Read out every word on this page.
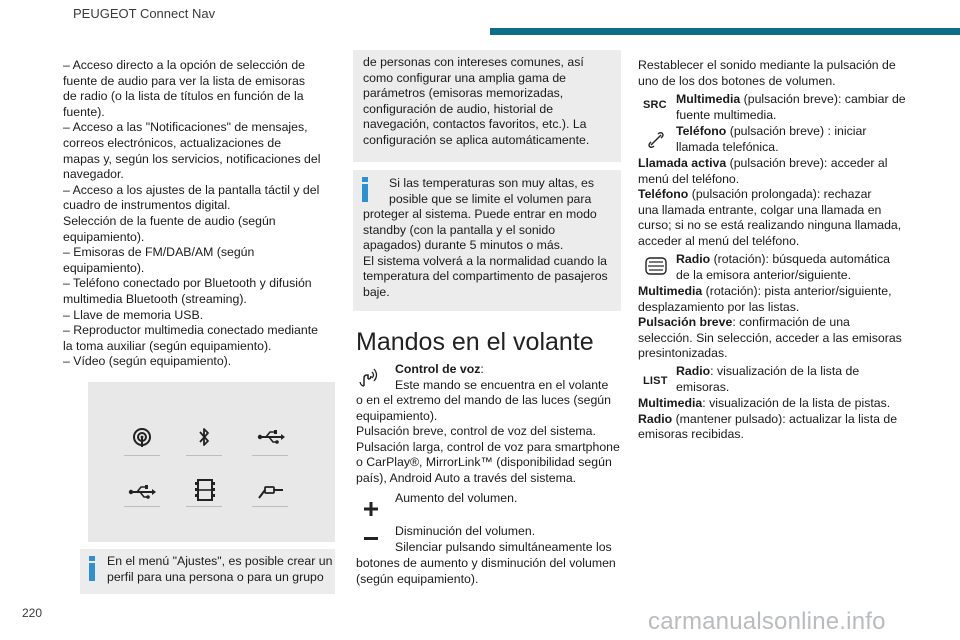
PEUGEOT Connect Nav
– Acceso directo a la opción de selección de
fuente de audio para ver la lista de emisoras
de radio (o la lista de títulos en función de la
fuente).
– Acceso a las "Notificaciones" de mensajes,
correos electrónicos, actualizaciones de
mapas y, según los servicios, notificaciones del
navegador.
– Acceso a los ajustes de la pantalla táctil y del
cuadro de instrumentos digital.
Selección de la fuente de audio (según
equipamiento).
– Emisoras de FM/DAB/AM (según
equipamiento).
– Teléfono conectado por Bluetooth y difusión
multimedia Bluetooth (streaming).
– Llave de memoria USB.
– Reproductor multimedia conectado mediante
la toma auxiliar (según equipamiento).
– Vídeo (según equipamiento).
En el menú "Ajustes", es posible crear un
perfil para una persona o para un grupo
de personas con intereses comunes, así
como configurar una amplia gama de
parámetros (emisoras memorizadas,
configuración de audio, historial de
navegación, contactos favoritos, etc.). La
configuración se aplica automáticamente.
Si las temperaturas son muy altas, es
posible que se limite el volumen para
proteger al sistema. Puede entrar en modo
standby (con la pantalla y el sonido
apagados) durante 5 minutos o más.
El sistema volverá a la normalidad cuando la
temperatura del compartimento de pasajeros
baje.
Mandos en el volante
Control de voz:
Este mando se encuentra en el volante
o en el extremo del mando de las luces (según
equipamiento).
Pulsación breve, control de voz del sistema.
Pulsación larga, control de voz para smartphone
o CarPlay®, MirrorLink™ (disponibilidad según
país), Android Auto a través del sistema.
Aumento del volumen.
Disminución del volumen.
Silenciar pulsando simultáneamente los
botones de aumento y disminución del volumen
(según equipamiento).
Restablecer el sonido mediante la pulsación de
uno de los dos botones de volumen.
SRC Multimedia (pulsación breve): cambiar de
fuente multimedia.
Teléfono (pulsación breve) : iniciar
llamada telefónica.
Llamada activa (pulsación breve): acceder al
menú del teléfono.
Teléfono (pulsación prolongada): rechazar
una llamada entrante, colgar una llamada en
curso; si no se está realizando ninguna llamada,
acceder al menú del teléfono.
Radio (rotación): búsqueda automática
de la emisora anterior/siguiente.
Multimedia (rotación): pista anterior/siguiente,
desplazamiento por las listas.
Pulsación breve: confirmación de una
selección. Sin selección, acceder a las emisoras
presintonizadas.
LIST
Radio: visualización de la lista de
emisoras.
Multimedia: visualización de la lista de pistas.
Radio (mantener pulsado): actualizar la lista de
emisoras recibidas.
220	carmanualsonline.info
